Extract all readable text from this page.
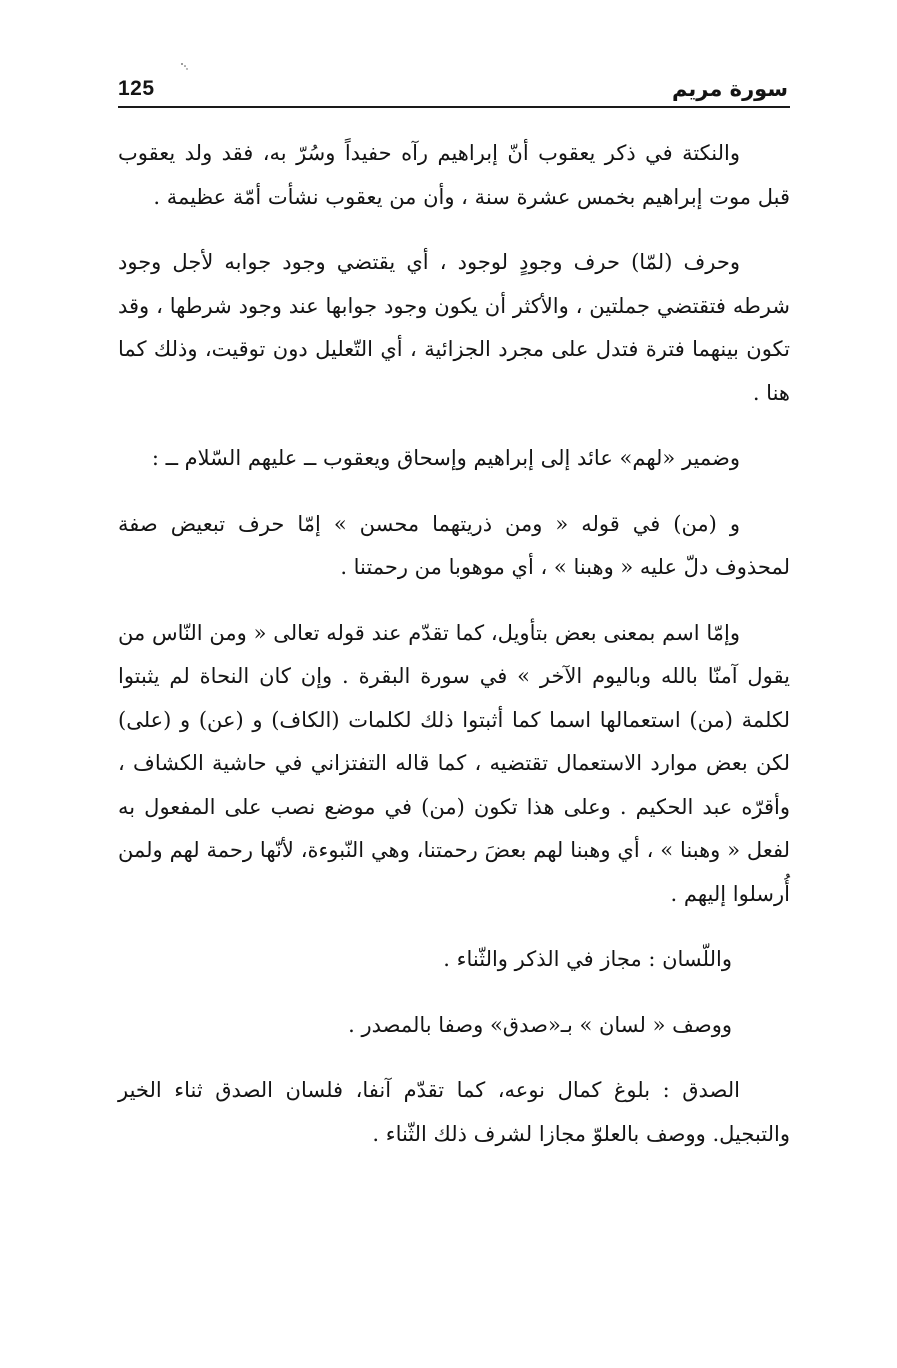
125	سورة مريم

والنكتة في ذكر يعقوب أنّ إبراهيم رآه حفيداً وسُرّ به، فقد ولد يعقوب قبل موت إبراهيم بخمس عشرة سنة ، وأن من يعقوب نشأت أمّة عظيمة .

وحرف (لمّا) حرف وجودٍ لوجود ، أي يقتضي وجود جوابه لأجل وجود شرطه فتقتضي جملتين ، والأكثر أن يكون وجود جوابها عند وجود شرطها ، وقد تكون بينهما فترة فتدل على مجرد الجزائية ، أي التّعليل دون توقيت، وذلك كما هنا .

وضمير «لهم» عائد إلى إبراهيم وإسحاق ويعقوب ــ عليهم السّلام ــ :

و (من) في قوله « ومن ذريتهما محسن » إمّا حرف تبعيض صفة لمحذوف دلّ عليه « وهبنا » ، أي موهوبا من رحمتنا .

وإمّا اسم بمعنى بعض بتأويل، كما تقدّم عند قوله تعالى « ومن النّاس من يقول آمنّا بالله وباليوم الآخر » في سورة البقرة . وإن كان النحاة لم يثبتوا لكلمة (من) استعمالها اسما كما أثبتوا ذلك لكلمات (الكاف) و (عن) و (على) لكن بعض موارد الاستعمال تقتضيه ، كما قاله التفتزاني في حاشية الكشاف ، وأقرّه عبد الحكيم . وعلى هذا تكون (من) في موضع نصب على المفعول به لفعل « وهبنا » ، أي وهبنا لهم بعضَ رحمتنا، وهي النّبوءة، لأنّها رحمة لهم ولمن أُرسلوا إليهم .

واللّسان : مجاز في الذكر والثّناء .

ووصف « لسان » بـ«صدق» وصفا بالمصدر .

الصدق : بلوغ كمال نوعه، كما تقدّم آنفا، فلسان الصدق ثناء الخير والتبجيل. ووصف بالعلوّ مجازا لشرف ذلك الثّناء .
